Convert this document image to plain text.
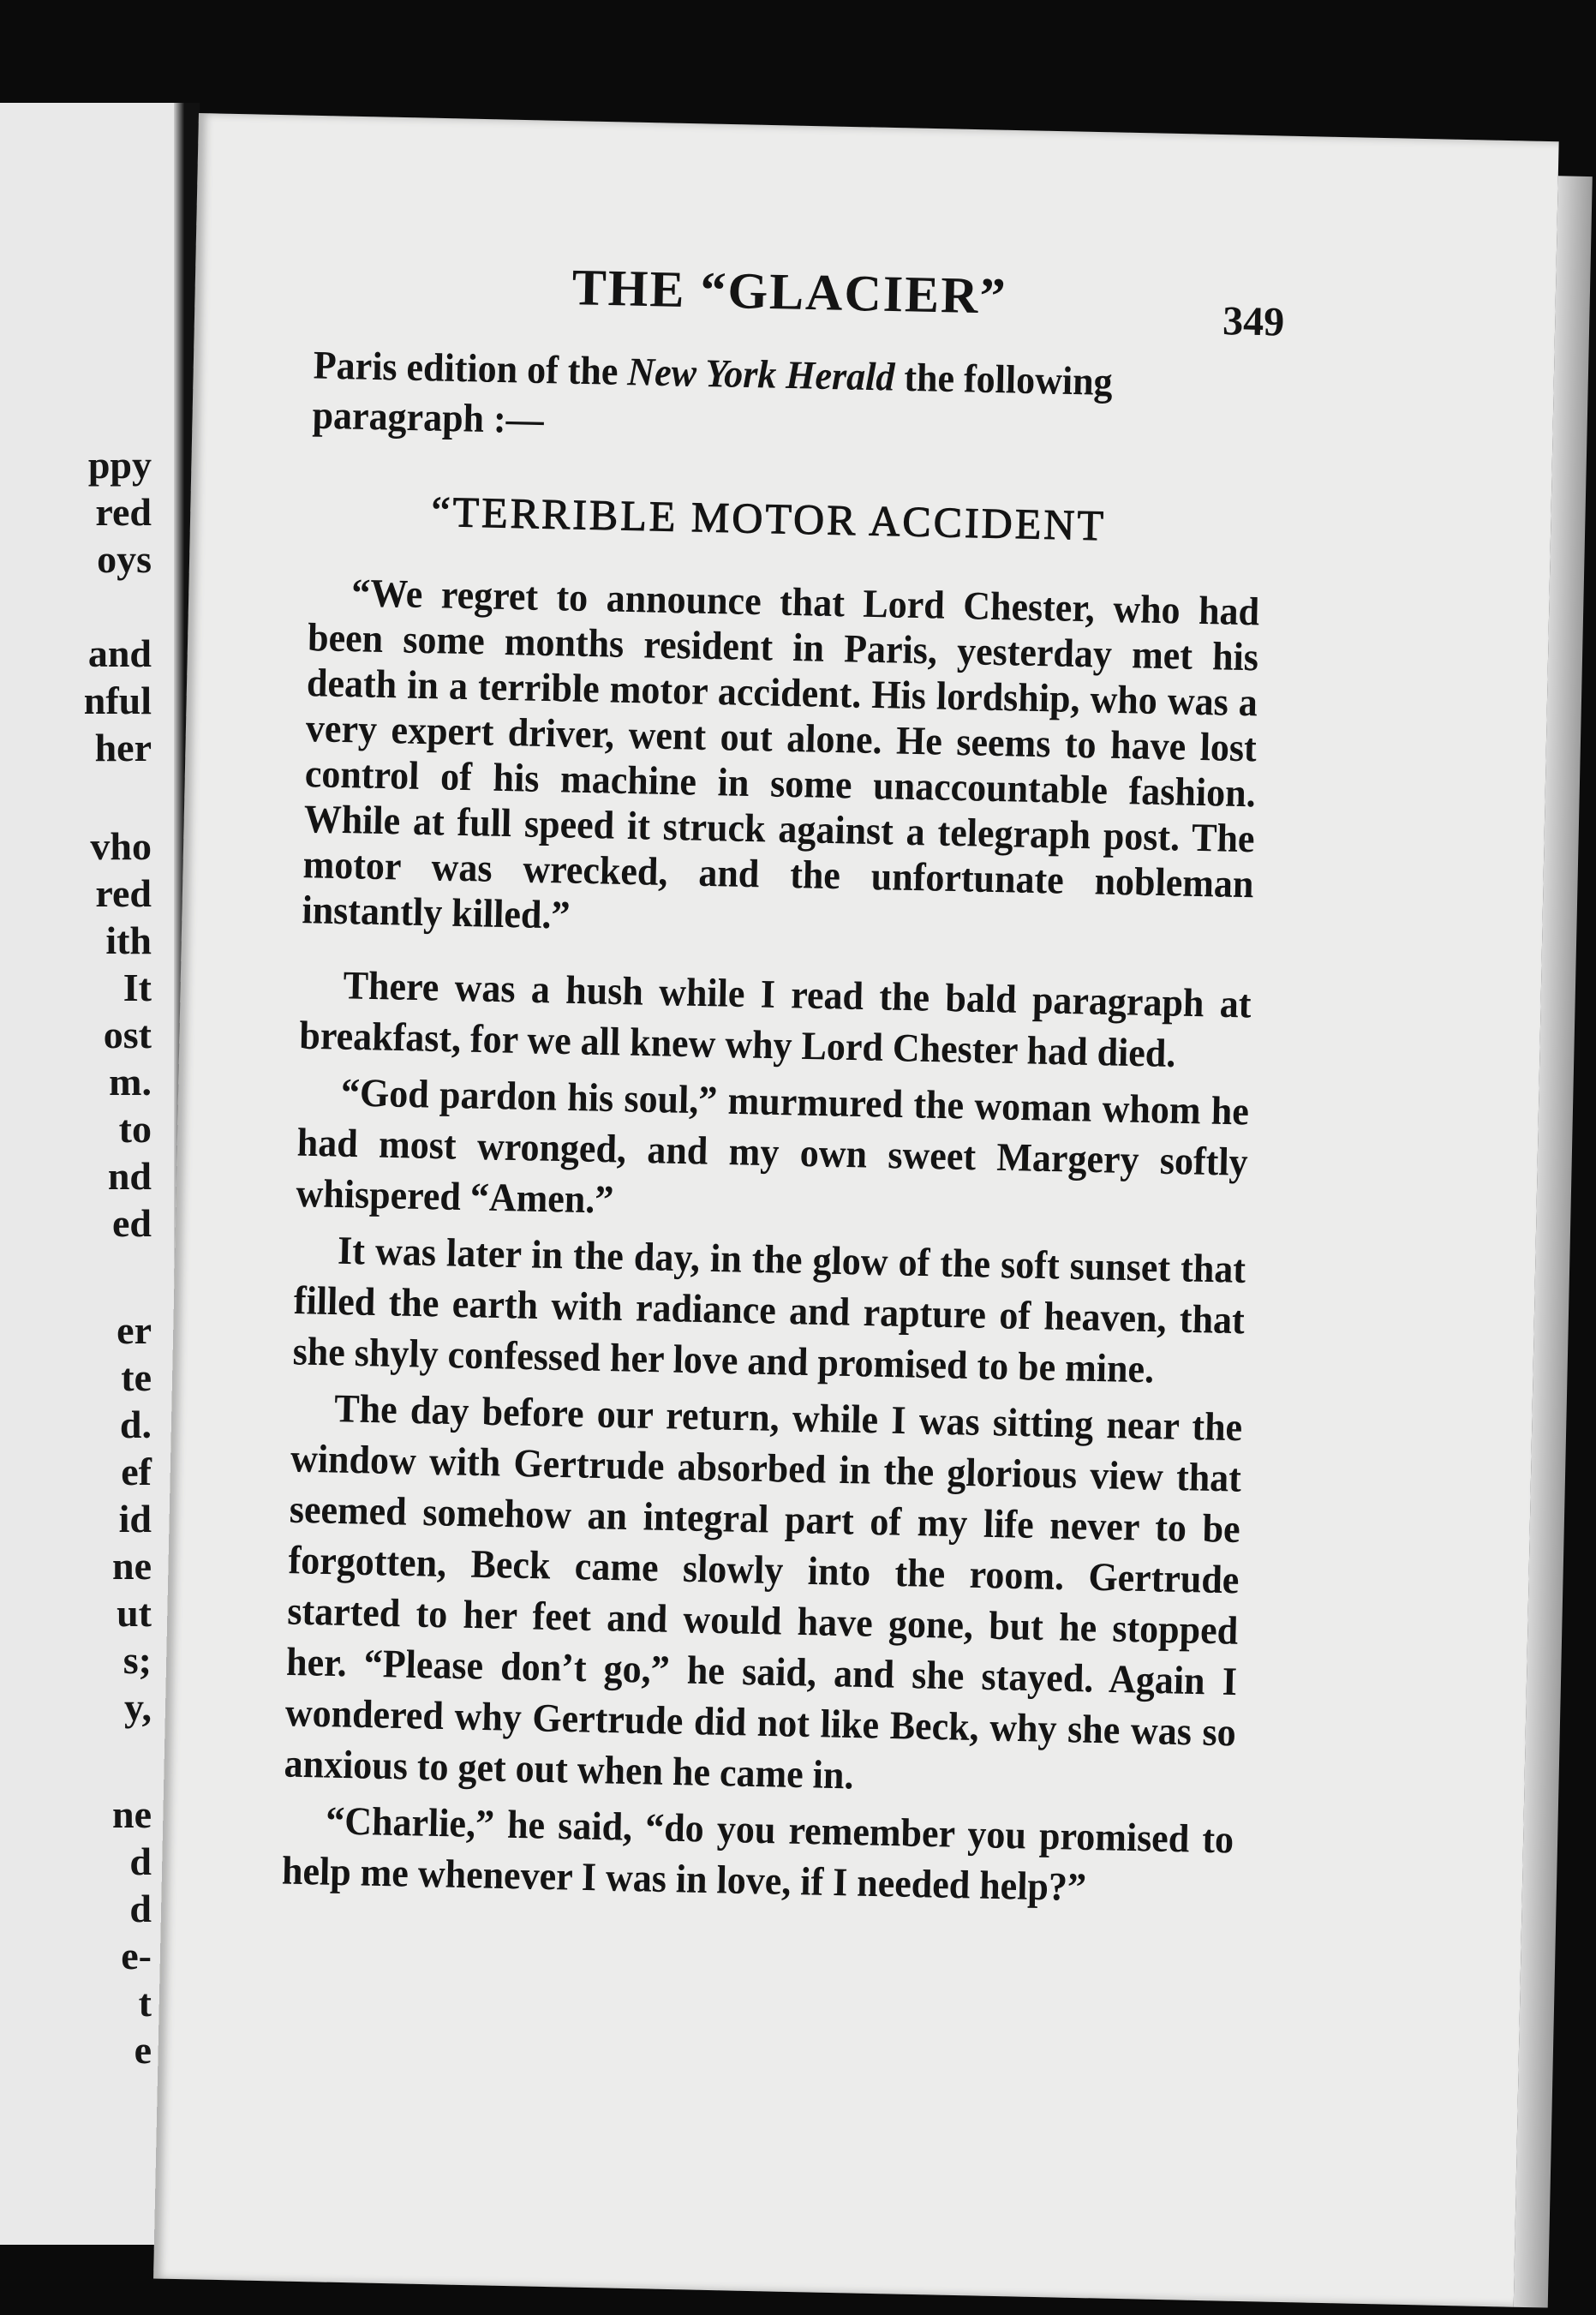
ppy
red
oys
and
nful
her
vho
red
ith
It
ost
m.
to
nd
ed
er
te
d.
ef
id
ne
ut
s;
y,
ne
d
d
e-
t
e
THE “GLACIER”	349
Paris edition of the New York Herald the following paragraph :—
“TERRIBLE MOTOR ACCIDENT
“We regret to announce that Lord Chester, who had been some months resident in Paris, yesterday met his death in a terrible motor accident. His lordship, who was a very expert driver, went out alone. He seems to have lost control of his machine in some unaccountable fashion. While at full speed it struck against a telegraph post. The motor was wrecked, and the unfortunate nobleman instantly killed.”

There was a hush while I read the bald paragraph at breakfast, for we all knew why Lord Chester had died.

“God pardon his soul,” murmured the woman whom he had most wronged, and my own sweet Margery softly whispered “Amen.”

It was later in the day, in the glow of the soft sunset that filled the earth with radiance and rapture of heaven, that she shyly confessed her love and promised to be mine.

The day before our return, while I was sitting near the window with Gertrude absorbed in the glorious view that seemed somehow an integral part of my life never to be forgotten, Beck came slowly into the room. Gertrude started to her feet and would have gone, but he stopped her. “Please don’t go,” he said, and she stayed. Again I wondered why Gertrude did not like Beck, why she was so anxious to get out when he came in.

“Charlie,” he said, “do you remember you promised to help me whenever I was in love, if I needed help?”
